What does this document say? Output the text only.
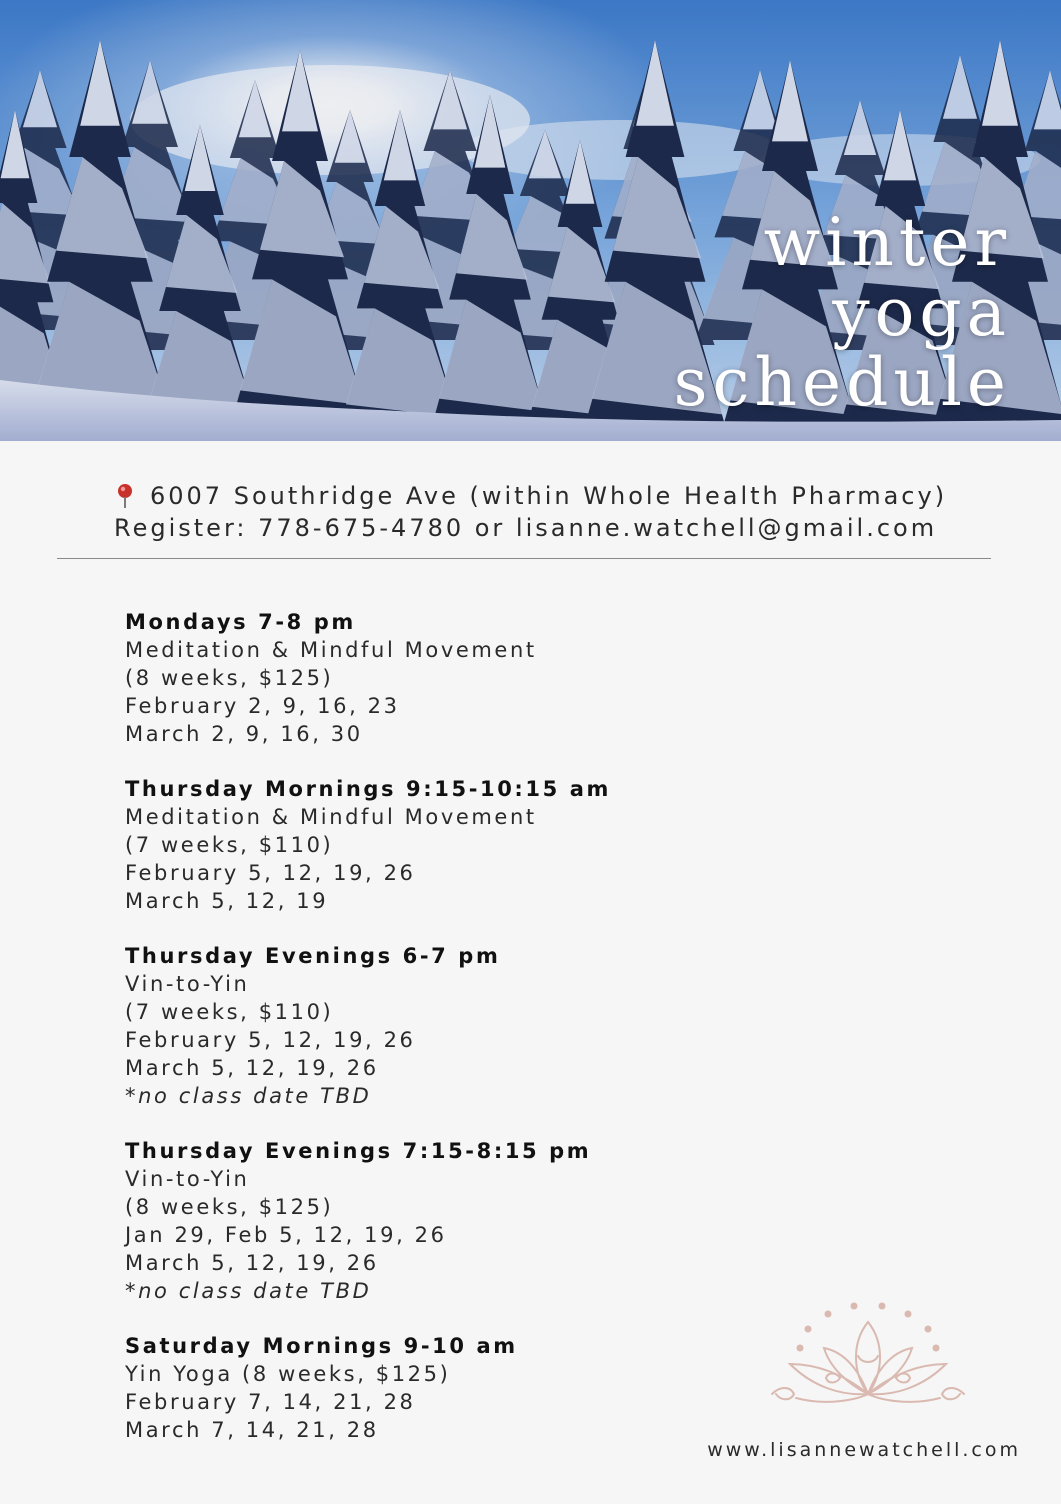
winter
yoga
schedule
6007 Southridge Ave (within Whole Health Pharmacy)
Register: 778-675-4780 or lisanne.watchell@gmail.com
Mondays 7-8 pm
Meditation & Mindful Movement
(8 weeks, $125)
February 2, 9, 16, 23
March 2, 9, 16, 30
Thursday Mornings 9:15-10:15 am
Meditation & Mindful Movement
(7 weeks, $110)
February 5, 12, 19, 26
March 5, 12, 19
Thursday Evenings 6-7 pm
Vin-to-Yin
(7 weeks, $110)
February 5, 12, 19, 26
March 5, 12, 19, 26
*no class date TBD
Thursday Evenings 7:15-8:15 pm
Vin-to-Yin
(8 weeks, $125)
Jan 29, Feb 5, 12, 19, 26
March 5, 12, 19, 26
*no class date TBD
Saturday Mornings 9-10 am
Yin Yoga (8 weeks, $125)
February 7, 14, 21, 28
March 7, 14, 21, 28
www.lisannewatchell.com
